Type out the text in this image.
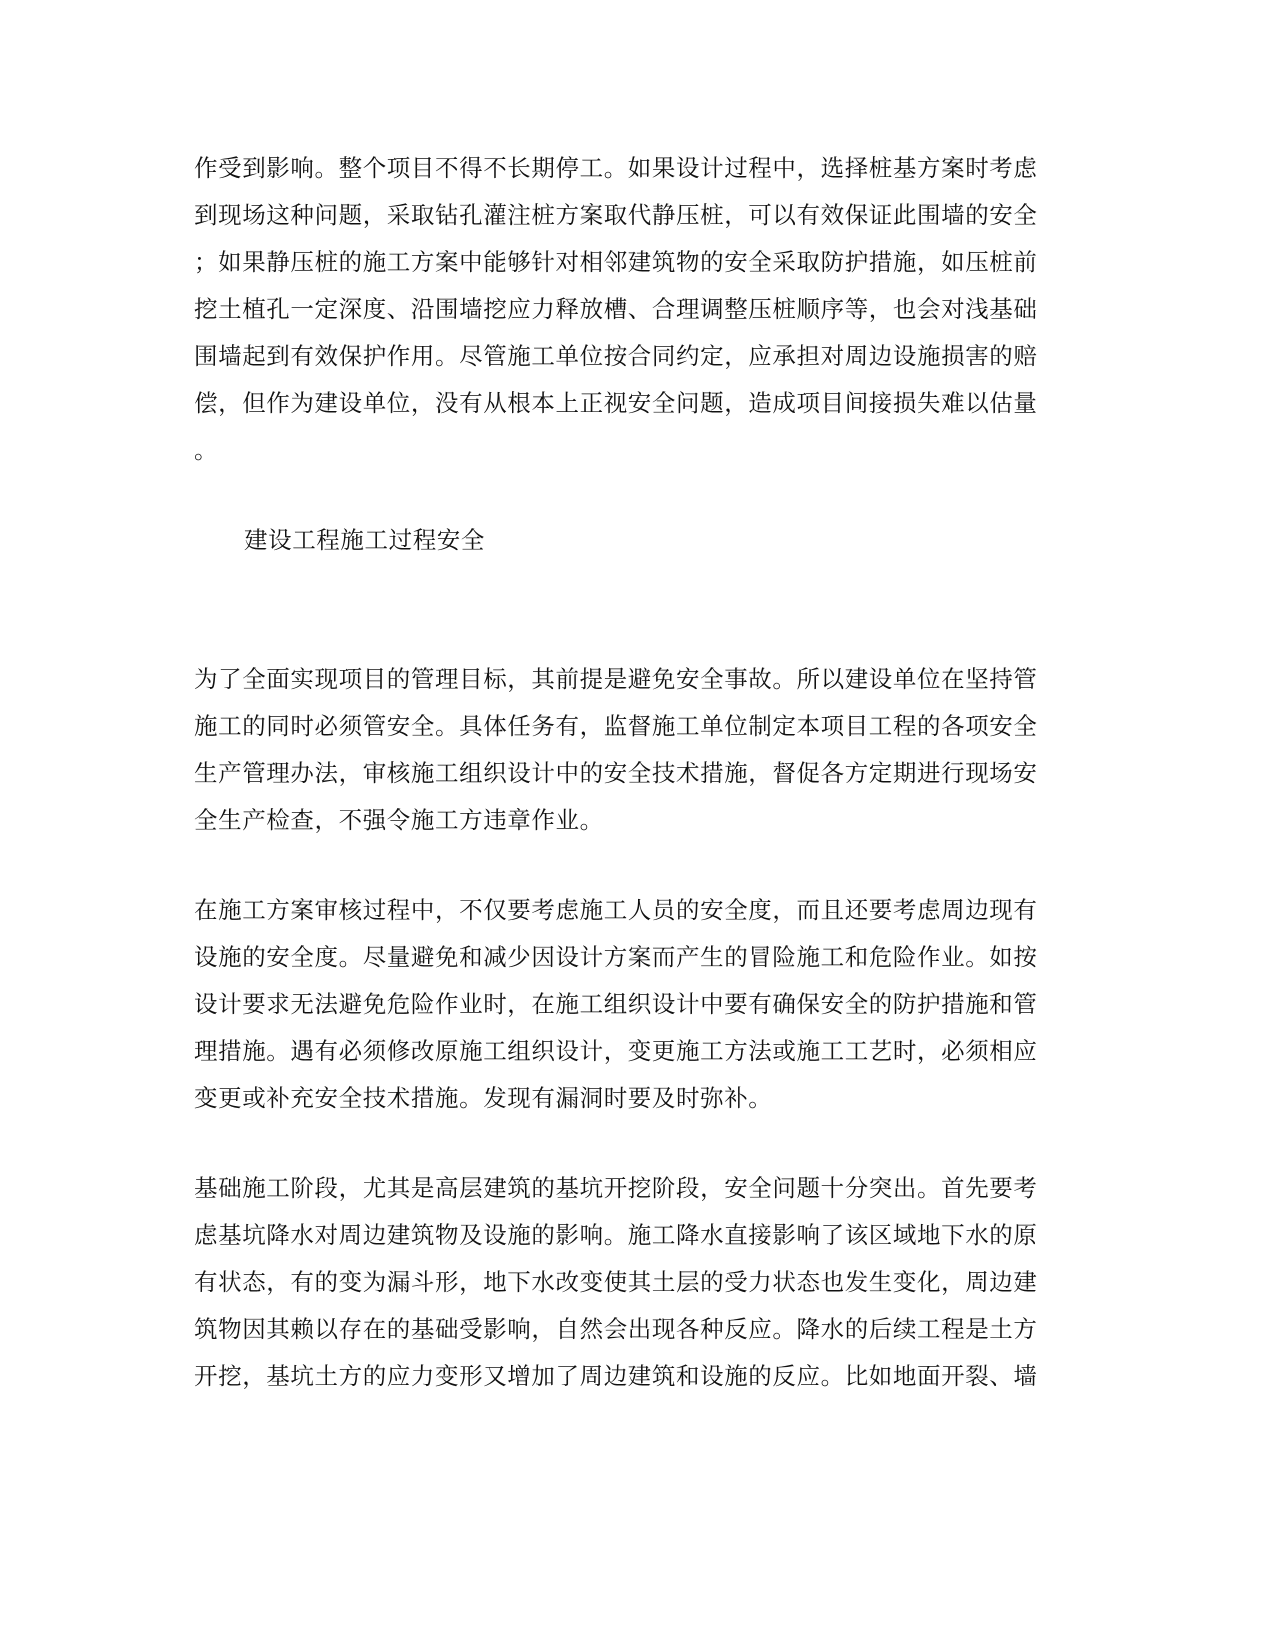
作受到影响。整个项目不得不长期停工。如果设计过程中，选择桩基方案时考虑
到现场这种问题，采取钻孔灌注桩方案取代静压桩，可以有效保证此围墙的安全
；如果静压桩的施工方案中能够针对相邻建筑物的安全采取防护措施，如压桩前
挖土植孔一定深度、沿围墙挖应力释放槽、合理调整压桩顺序等，也会对浅基础
围墙起到有效保护作用。尽管施工单位按合同约定，应承担对周边设施损害的赔
偿，但作为建设单位，没有从根本上正视安全问题，造成项目间接损失难以估量
。
建设工程施工过程安全
为了全面实现项目的管理目标，其前提是避免安全事故。所以建设单位在坚持管
施工的同时必须管安全。具体任务有，监督施工单位制定本项目工程的各项安全
生产管理办法，审核施工组织设计中的安全技术措施，督促各方定期进行现场安
全生产检查，不强令施工方违章作业。
在施工方案审核过程中，不仅要考虑施工人员的安全度，而且还要考虑周边现有
设施的安全度。尽量避免和减少因设计方案而产生的冒险施工和危险作业。如按
设计要求无法避免危险作业时，在施工组织设计中要有确保安全的防护措施和管
理措施。遇有必须修改原施工组织设计，变更施工方法或施工工艺时，必须相应
变更或补充安全技术措施。发现有漏洞时要及时弥补。
基础施工阶段，尤其是高层建筑的基坑开挖阶段，安全问题十分突出。首先要考
虑基坑降水对周边建筑物及设施的影响。施工降水直接影响了该区域地下水的原
有状态，有的变为漏斗形，地下水改变使其土层的受力状态也发生变化，周边建
筑物因其赖以存在的基础受影响，自然会出现各种反应。降水的后续工程是土方
开挖，基坑土方的应力变形又增加了周边建筑和设施的反应。比如地面开裂、墙
